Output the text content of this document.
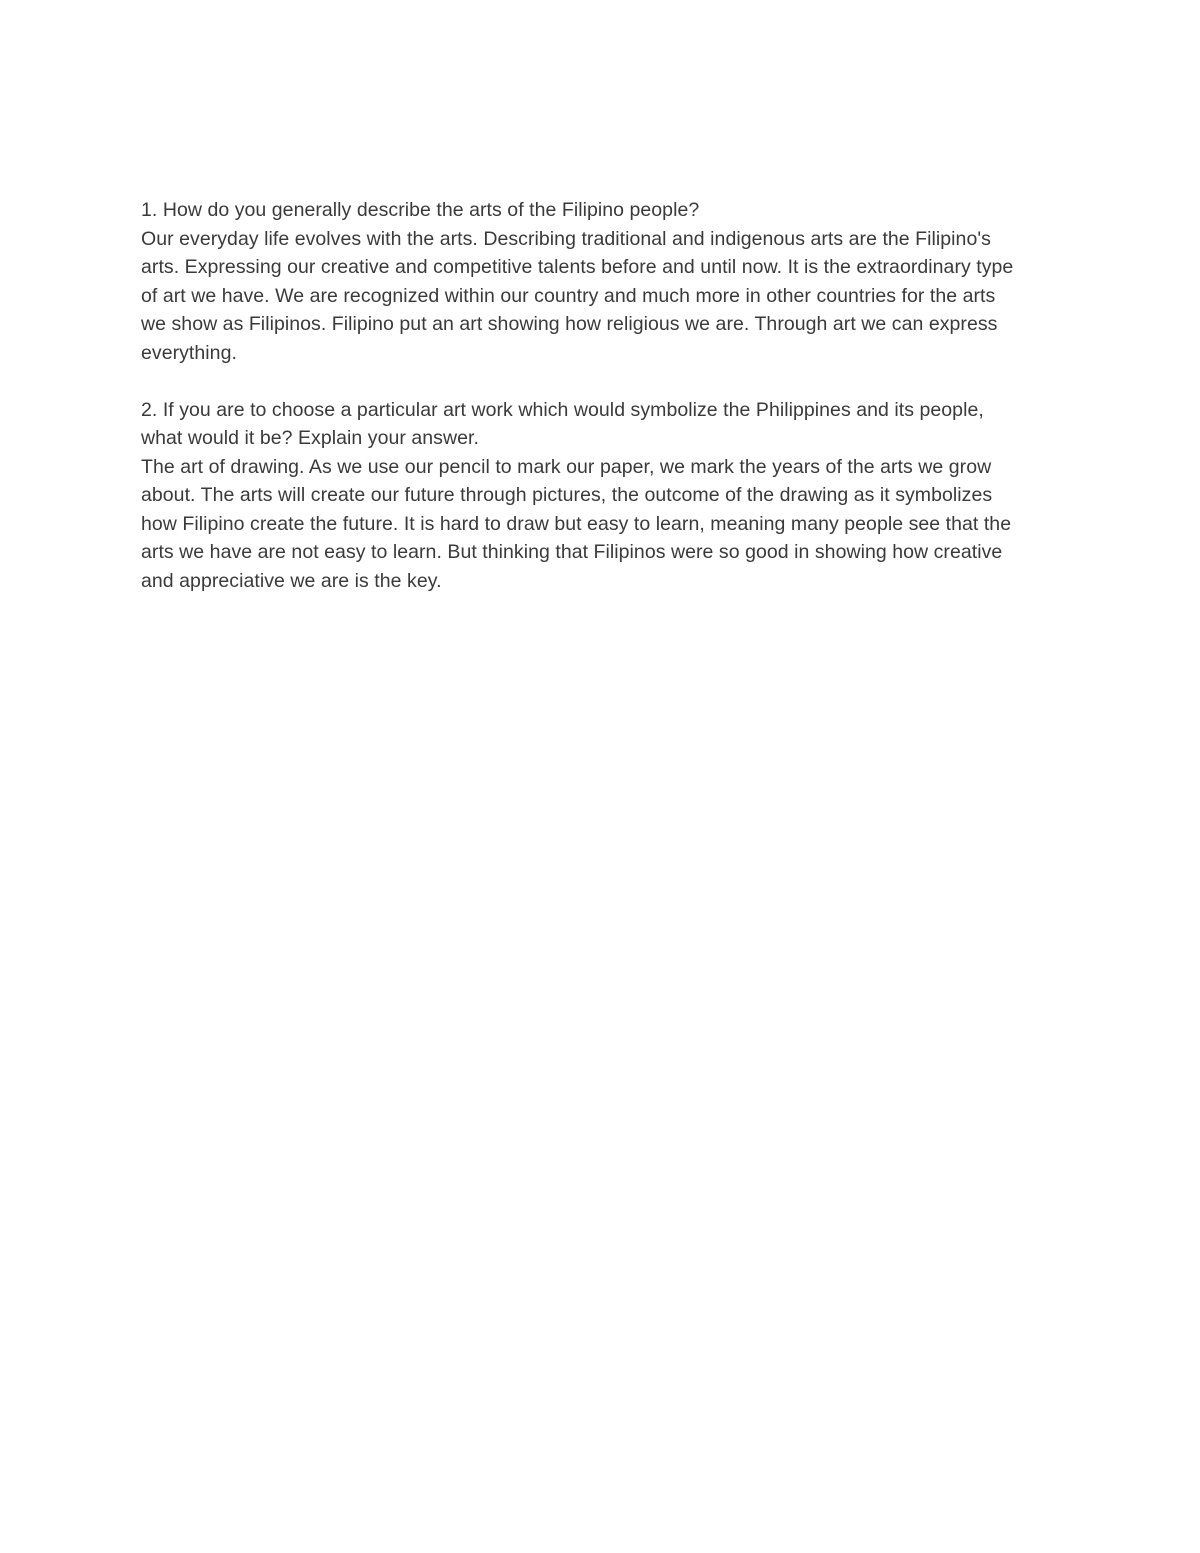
1. How do you generally describe the arts of the Filipino people?
Our everyday life evolves with the arts. Describing traditional and indigenous arts are the Filipino's
arts. Expressing our creative and competitive talents before and until now. It is the extraordinary type
of art we have. We are recognized within our country and much more in other countries for the arts
we show as Filipinos. Filipino put an art showing how religious we are. Through art we can express
everything.
2. If you are to choose a particular art work which would symbolize the Philippines and its people,
what would it be? Explain your answer.
The art of drawing. As we use our pencil to mark our paper, we mark the years of the arts we grow
about. The arts will create our future through pictures, the outcome of the drawing as it symbolizes
how Filipino create the future. It is hard to draw but easy to learn, meaning many people see that the
arts we have are not easy to learn. But thinking that Filipinos were so good in showing how creative
and appreciative we are is the key.
